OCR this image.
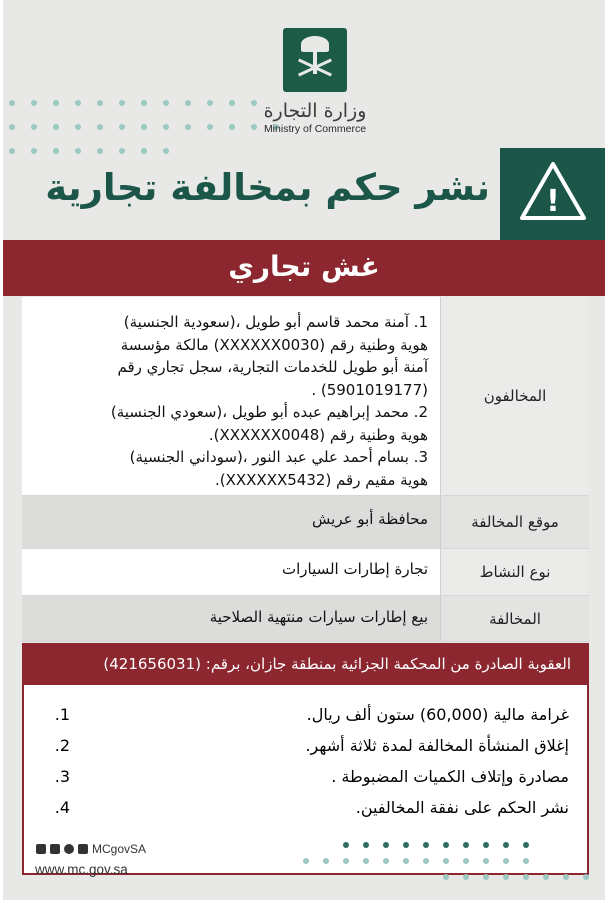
وزارة التجارة
Ministry of Commerce
نشر حكم بمخالفة تجارية !
غش تجاري
المخالفون
1. آمنة محمد قاسم أبو طويل ،(سعودية الجنسية)
هوية وطنية رقم (XXXXXX0030) مالكة مؤسسة
آمنة أبو طويل للخدمات التجارية، سجل تجاري رقم
(5901019177) .
2. محمد إبراهيم عبده أبو طويل ،(سعودي الجنسية)
هوية وطنية رقم (XXXXXX0048).
3. بسام أحمد علي عبد النور ،(سوداني الجنسية)
هوية مقيم رقم (XXXXXX5432).
موقع المخالفة
محافظة أبو عريش
نوع النشاط
تجارة إطارات السيارات
المخالفة
بيع إطارات سيارات منتهية الصلاحية
العقوبة الصادرة من المحكمة الجزائية بمنطقة جازان، برقم: (421656031)
1.	غرامة مالية (60,000) ستون ألف ريال.
2.	إغلاق المنشأة المخالفة لمدة ثلاثة أشهر.
3.	مصادرة وإتلاف الكميات المضبوطة .
4.	نشر الحكم على نفقة المخالفين.
MCgovSA
www.mc.gov.sa
